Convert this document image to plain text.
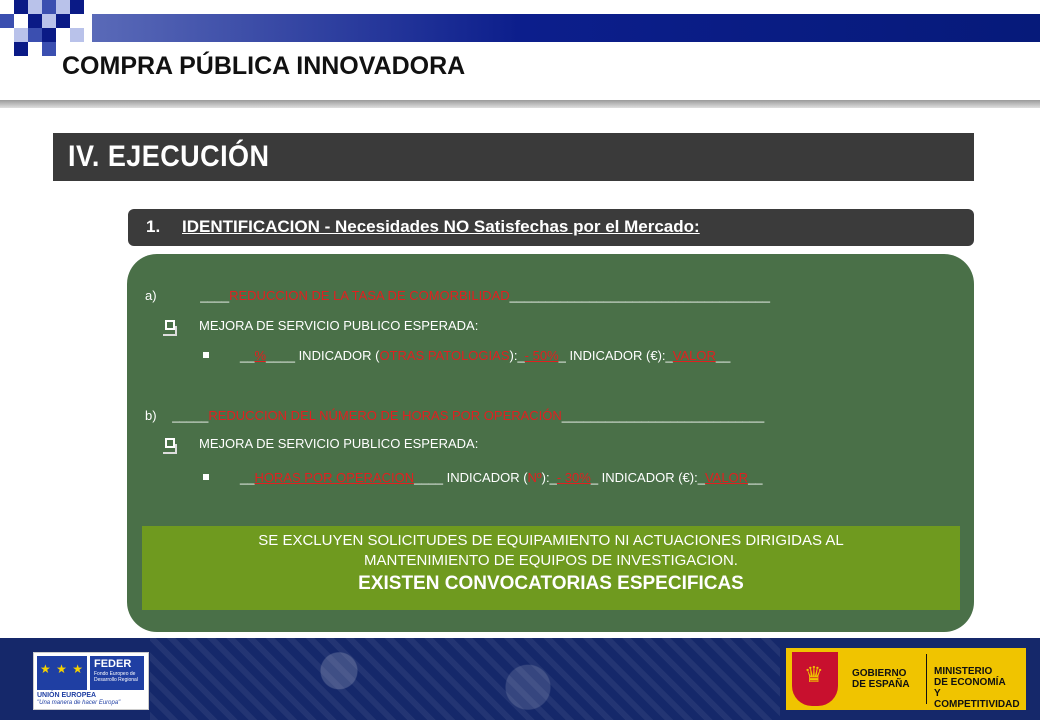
COMPRA PÚBLICA INNOVADORA
IV. EJECUCIÓN
1. IDENTIFICACION - Necesidades NO Satisfechas por el Mercado:
a)	____REDUCCION DE LA TASA DE COMORBILIDAD____________________________________
MEJORA DE SERVICIO PUBLICO ESPERADA:
__%____ INDICADOR (OTRAS PATOLOGIAS):_- 50%_ INDICADOR (€):_VALOR__
b) _____REDUCCION DEL NÚMERO DE HORAS POR OPERACIÓN____________________________
MEJORA DE SERVICIO PUBLICO ESPERADA:
__HORAS POR OPERACION____ INDICADOR (Nº):_- 30%_ INDICADOR (€):_VALOR__
SE EXCLUYEN SOLICITUDES DE EQUIPAMIENTO NI ACTUACIONES DIRIGIDAS AL
MANTENIMIENTO DE EQUIPOS DE INVESTIGACION.
EXISTEN CONVOCATORIAS ESPECIFICAS
★ ★ ★ FEDER
Fondo Europeo de Desarrollo Regional
UNIÓN EUROPEA
"Una manera de hacer Europa"
♛	GOBIERNO
DE ESPAÑA
MINISTERIO
DE ECONOMÍA
Y COMPETITIVIDAD
